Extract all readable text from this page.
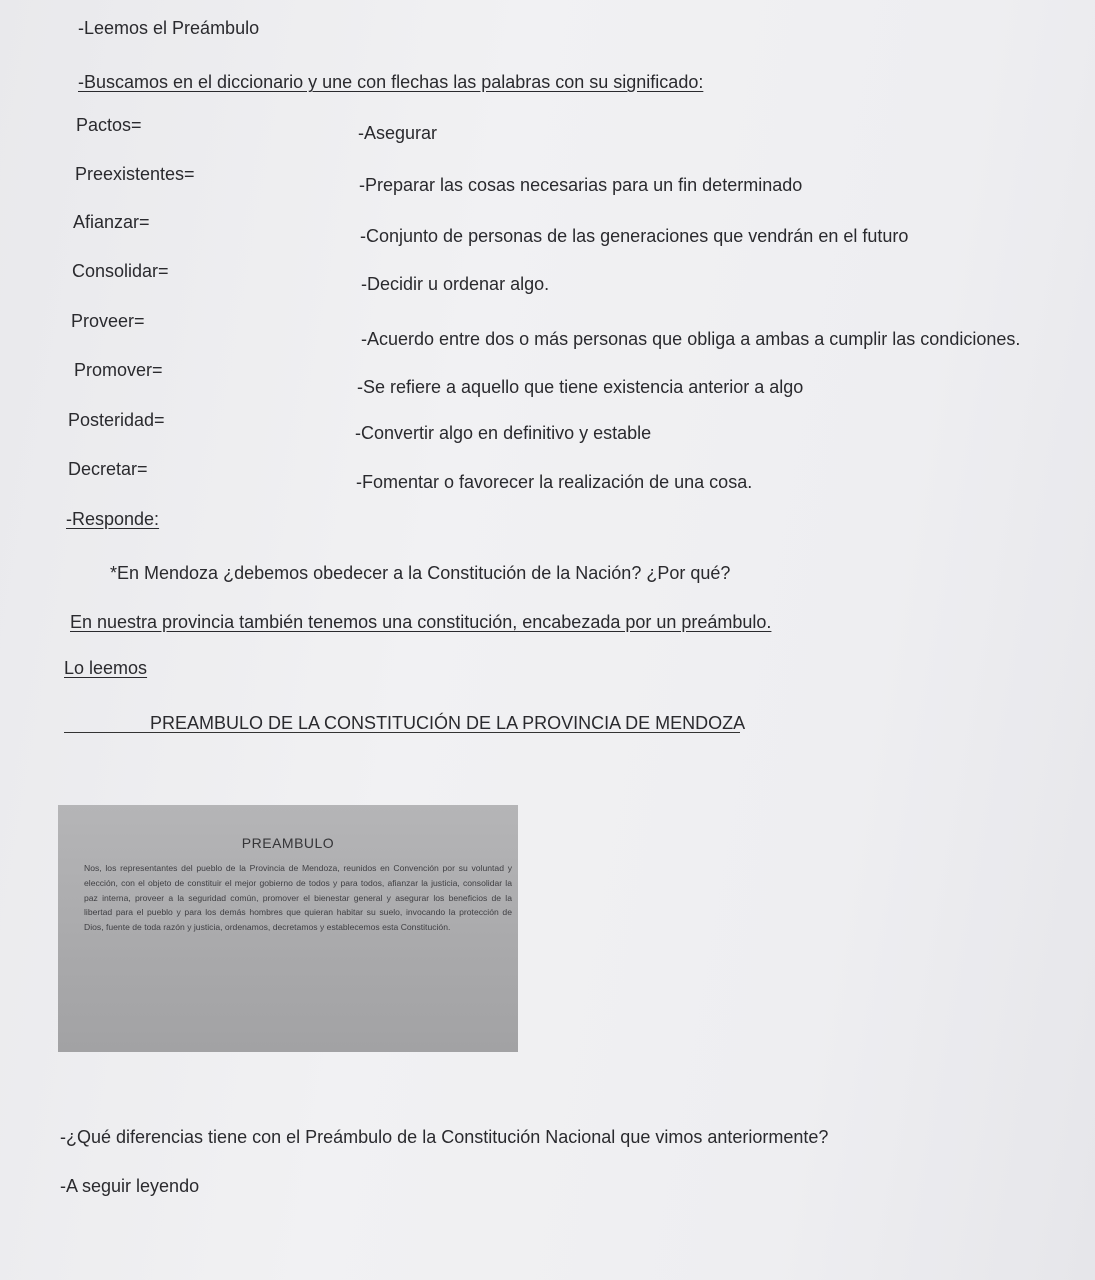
-Leemos el Preámbulo

-Buscamos en el diccionario y une con flechas las palabras con su significado:

Pactos=
Preexistentes=
Afianzar=
Consolidar=
Proveer=
Promover=
Posteridad=
Decretar=
-Asegurar
-Preparar las cosas necesarias para un fin determinado
-Conjunto de personas de las generaciones que vendrán en el futuro
-Decidir u ordenar algo.
-Acuerdo entre dos o más personas que obliga a ambas a cumplir las condiciones.
-Se refiere a aquello que tiene existencia anterior a algo
-Convertir algo en definitivo y estable
-Fomentar o favorecer la realización de una cosa.

-Responde:

*En Mendoza ¿debemos obedecer a la Constitución de la Nación? ¿Por qué?

En nuestra provincia también tenemos una constitución, encabezada por un preámbulo.

Lo leemos

PREAMBULO DE LA CONSTITUCIÓN DE LA PROVINCIA DE MENDOZA
PREAMBULO
Nos, los representantes del pueblo de la Provincia de Mendoza, reunidos en Convención por su voluntad y elección, con el objeto de constituir el mejor gobierno de todos y para todos, afianzar la justicia, consolidar la paz interna, proveer a la seguridad común, promover el bienestar general y asegurar los beneficios de la libertad para el pueblo y para los demás hombres que quieran habitar su suelo, invocando la protección de Dios, fuente de toda razón y justicia, ordenamos, decretamos y establecemos esta Constitución.

-¿Qué diferencias tiene con el Preámbulo de la Constitución Nacional que vimos anteriormente?

-A seguir leyendo
